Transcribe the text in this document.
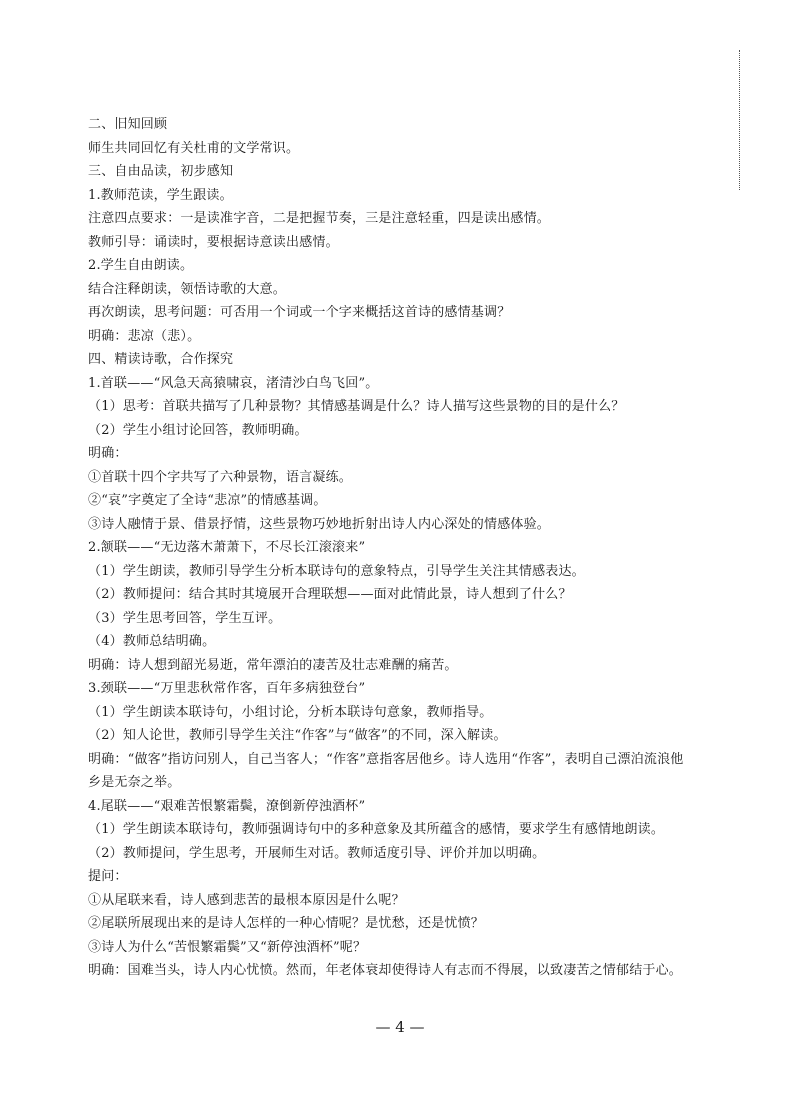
二、旧知回顾
师生共同回忆有关杜甫的文学常识。
三、自由品读，初步感知
1.教师范读，学生跟读。
注意四点要求：一是读准字音，二是把握节奏，三是注意轻重，四是读出感情。
教师引导：诵读时，要根据诗意读出感情。
2.学生自由朗读。
结合注释朗读，领悟诗歌的大意。
再次朗读，思考问题：可否用一个词或一个字来概括这首诗的感情基调？
明确：悲凉（悲）。
四、精读诗歌，合作探究
1.首联——“风急天高猿啸哀，渚清沙白鸟飞回”。
（1）思考：首联共描写了几种景物？其情感基调是什么？诗人描写这些景物的目的是什么？
（2）学生小组讨论回答，教师明确。
明确：
①首联十四个字共写了六种景物，语言凝练。
②“哀”字奠定了全诗“悲凉”的情感基调。
③诗人融情于景、借景抒情，这些景物巧妙地折射出诗人内心深处的情感体验。
2.颔联——“无边落木萧萧下，不尽长江滚滚来”
（1）学生朗读，教师引导学生分析本联诗句的意象特点，引导学生关注其情感表达。
（2）教师提问：结合其时其境展开合理联想——面对此情此景，诗人想到了什么？
（3）学生思考回答，学生互评。
（4）教师总结明确。
明确：诗人想到韶光易逝，常年漂泊的凄苦及壮志难酬的痛苦。
3.颈联——“万里悲秋常作客，百年多病独登台”
（1）学生朗读本联诗句，小组讨论，分析本联诗句意象，教师指导。
（2）知人论世，教师引导学生关注“作客”与“做客”的不同，深入解读。
明确：“做客”指访问别人，自己当客人；“作客”意指客居他乡。诗人选用“作客”，表明自己漂泊流浪他
乡是无奈之举。
4.尾联——“艰难苦恨繁霜鬓，潦倒新停浊酒杯”
（1）学生朗读本联诗句，教师强调诗句中的多种意象及其所蕴含的感情，要求学生有感情地朗读。
（2）教师提问，学生思考，开展师生对话。教师适度引导、评价并加以明确。
提问：
①从尾联来看，诗人感到悲苦的最根本原因是什么呢？
②尾联所展现出来的是诗人怎样的一种心情呢？是忧愁，还是忧愤？
③诗人为什么“苦恨繁霜鬓”又“新停浊酒杯”呢？
明确：国难当头，诗人内心忧愤。然而，年老体衰却使得诗人有志而不得展，以致凄苦之情郁结于心。
— 4 —
